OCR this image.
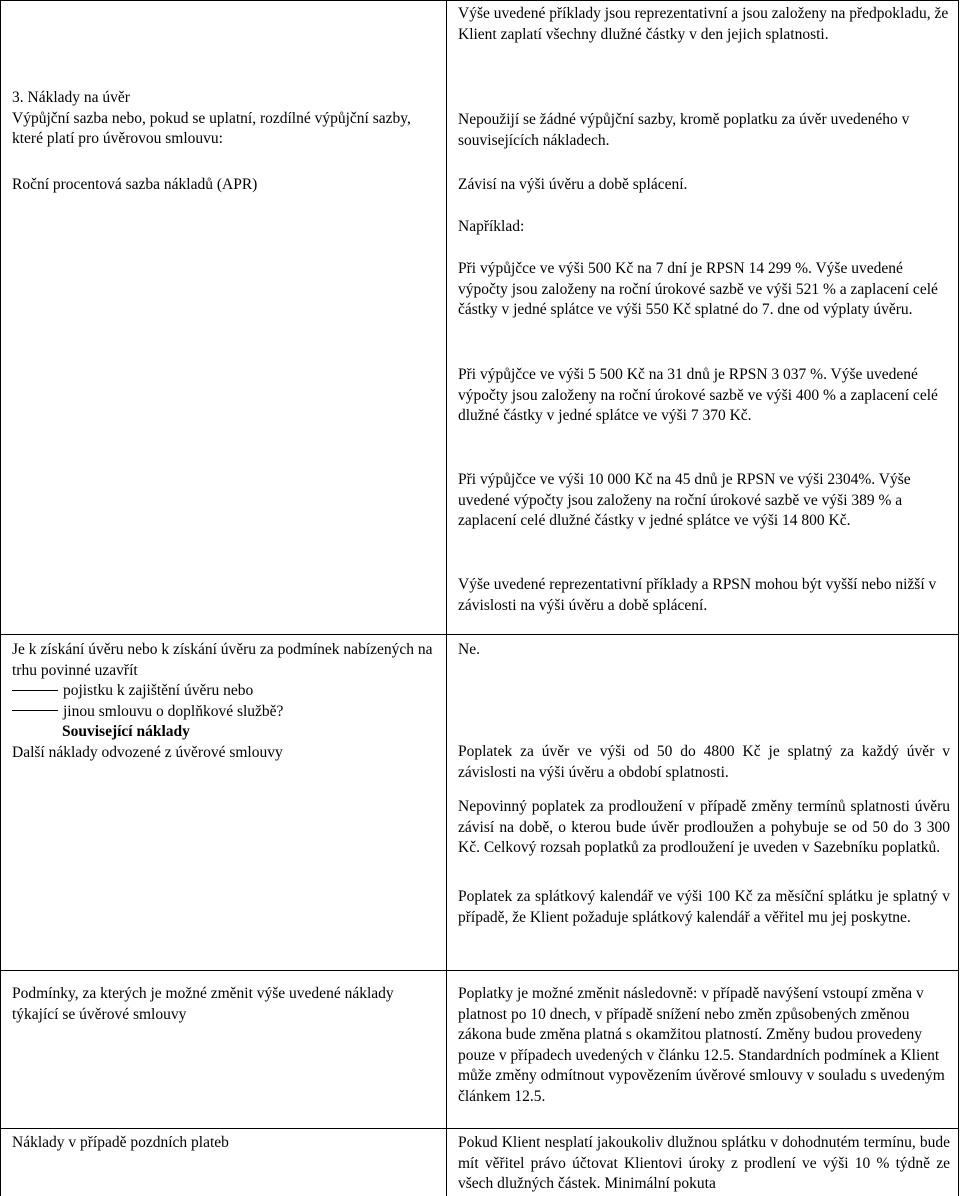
3. Náklady na úvěr

Výpůjční sazba nebo, pokud se uplatní, rozdílné výpůjční sazby, které platí pro úvěrovou smlouvu:

Roční procentová sazba nákladů (APR)
Výše uvedené příklady jsou reprezentativní a jsou založeny na předpokladu, že Klient zaplatí všechny dlužné částky v den jejich splatnosti.
Nepoužijí se žádné výpůjční sazby, kromě poplatku za úvěr uvedeného v souvisejících nákladech.
Závisí na výši úvěru a době splácení.
Například:
Při výpůjčce ve výši 500 Kč na 7 dní je RPSN 14 299 %. Výše uvedené výpočty jsou založeny na roční úrokové sazbě ve výši 521 % a zaplacení celé částky v jedné splátce ve výši 550 Kč splatné do 7. dne od výplaty úvěru.
Při výpůjčce ve výši 5 500 Kč na 31 dnů je RPSN 3 037 %. Výše uvedené výpočty jsou založeny na roční úrokové sazbě ve výši 400 % a zaplacení celé dlužné částky v jedné splátce ve výši 7 370 Kč.
Při výpůjčce ve výši 10 000 Kč na 45 dnů je RPSN ve výši 2304%. Výše uvedené výpočty jsou založeny na roční úrokové sazbě ve výši 389 % a zaplacení celé dlužné částky v jedné splátce ve výši 14 800 Kč.
Výše uvedené reprezentativní příklady a RPSN mohou být vyšší nebo nižší v závislosti na výši úvěru a době splácení.

Je k získání úvěru nebo k získání úvěru za podmínek nabízených na trhu povinné uzavřít

pojistku k zajištění úvěru nebo

jinou smlouvu o doplňkové službě?

Související náklady

Další náklady odvozené z úvěrové smlouvy

Ne.
Poplatek za úvěr ve výši od 50 do 4800 Kč je splatný za každý úvěr v závislosti na výši úvěru a období splatnosti.
Nepovinný poplatek za prodloužení v případě změny termínů splatnosti úvěru závisí na době, o kterou bude úvěr prodloužen a pohybuje se od 50 do 3 300 Kč. Celkový rozsah poplatků za prodloužení je uveden v Sazebníku poplatků.
Poplatek za splátkový kalendář ve výši 100 Kč za měsíční splátku je splatný v případě, že Klient požaduje splátkový kalendář a věřitel mu jej poskytne.
Podmínky, za kterých je možné změnit výše uvedené náklady týkající se úvěrové smlouvy
Poplatky je možné změnit následovně: v případě navýšení vstoupí změna v platnost po 10 dnech, v případě snížení nebo změn způsobených změnou zákona bude změna platná s okamžitou platností. Změny budou provedeny pouze v případech uvedených v článku 12.5. Standardních podmínek a Klient může změny odmítnout vypovězením úvěrové smlouvy v souladu s uvedeným článkem 12.5.
Náklady v případě pozdních plateb	Pokud Klient nesplatí jakoukoliv dlužnou splátku v dohodnutém termínu, bude mít věřitel právo účtovat Klientovi úroky z prodlení ve výši 10 % týdně ze všech dlužných částek. Minimální pokuta
